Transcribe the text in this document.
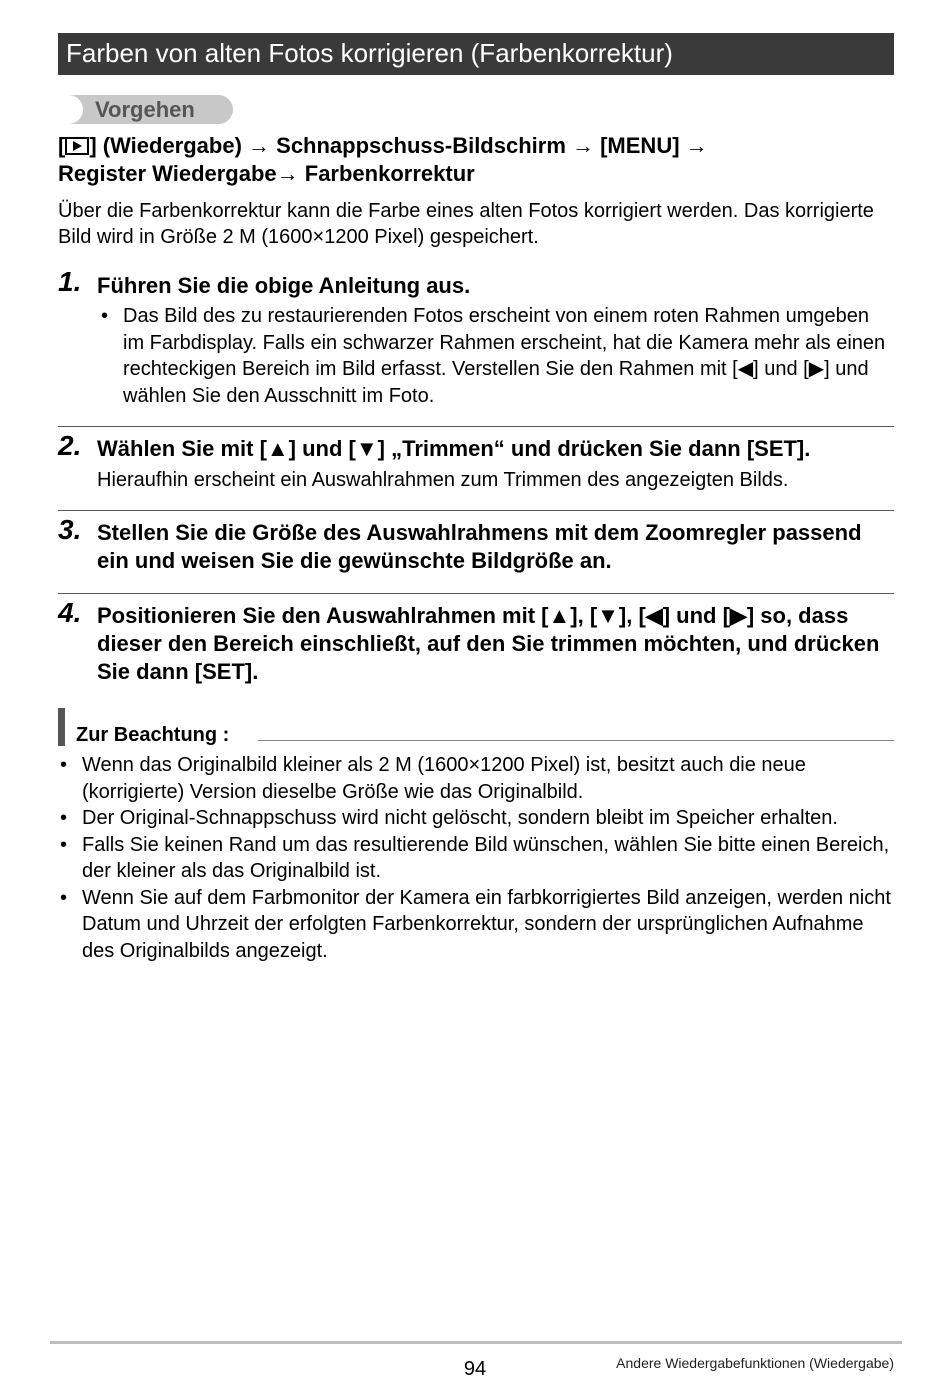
Farben von alten Fotos korrigieren (Farbenkorrektur)
Vorgehen
[ ] (Wiedergabe) → Schnappschuss-Bildschirm → [MENU] →
Register Wiedergabe→ Farbenkorrektur
Über die Farbenkorrektur kann die Farbe eines alten Fotos korrigiert werden. Das korrigierte Bild wird in Größe 2 M (1600×1200 Pixel) gespeichert.
1. Führen Sie die obige Anleitung aus.
• Das Bild des zu restaurierenden Fotos erscheint von einem roten Rahmen umgeben im Farbdisplay. Falls ein schwarzer Rahmen erscheint, hat die Kamera mehr als einen rechteckigen Bereich im Bild erfasst. Verstellen Sie den Rahmen mit [◀] und [▶] und wählen Sie den Ausschnitt im Foto.
2. Wählen Sie mit [▲] und [▼] „Trimmen“ und drücken Sie dann [SET].
Hieraufhin erscheint ein Auswahlrahmen zum Trimmen des angezeigten Bilds.
3. Stellen Sie die Größe des Auswahlrahmens mit dem Zoomregler passend ein und weisen Sie die gewünschte Bildgröße an.
4. Positionieren Sie den Auswahlrahmen mit [▲], [▼], [◀] und [▶] so, dass dieser den Bereich einschließt, auf den Sie trimmen möchten, und drücken Sie dann [SET].
Zur Beachtung :
• Wenn das Originalbild kleiner als 2 M (1600×1200 Pixel) ist, besitzt auch die neue (korrigierte) Version dieselbe Größe wie das Originalbild.
• Der Original-Schnappschuss wird nicht gelöscht, sondern bleibt im Speicher erhalten.
• Falls Sie keinen Rand um das resultierende Bild wünschen, wählen Sie bitte einen Bereich, der kleiner als das Originalbild ist.
• Wenn Sie auf dem Farbmonitor der Kamera ein farbkorrigiertes Bild anzeigen, werden nicht Datum und Uhrzeit der erfolgten Farbenkorrektur, sondern der ursprünglichen Aufnahme des Originalbilds angezeigt.
94	Andere Wiedergabefunktionen (Wiedergabe)
